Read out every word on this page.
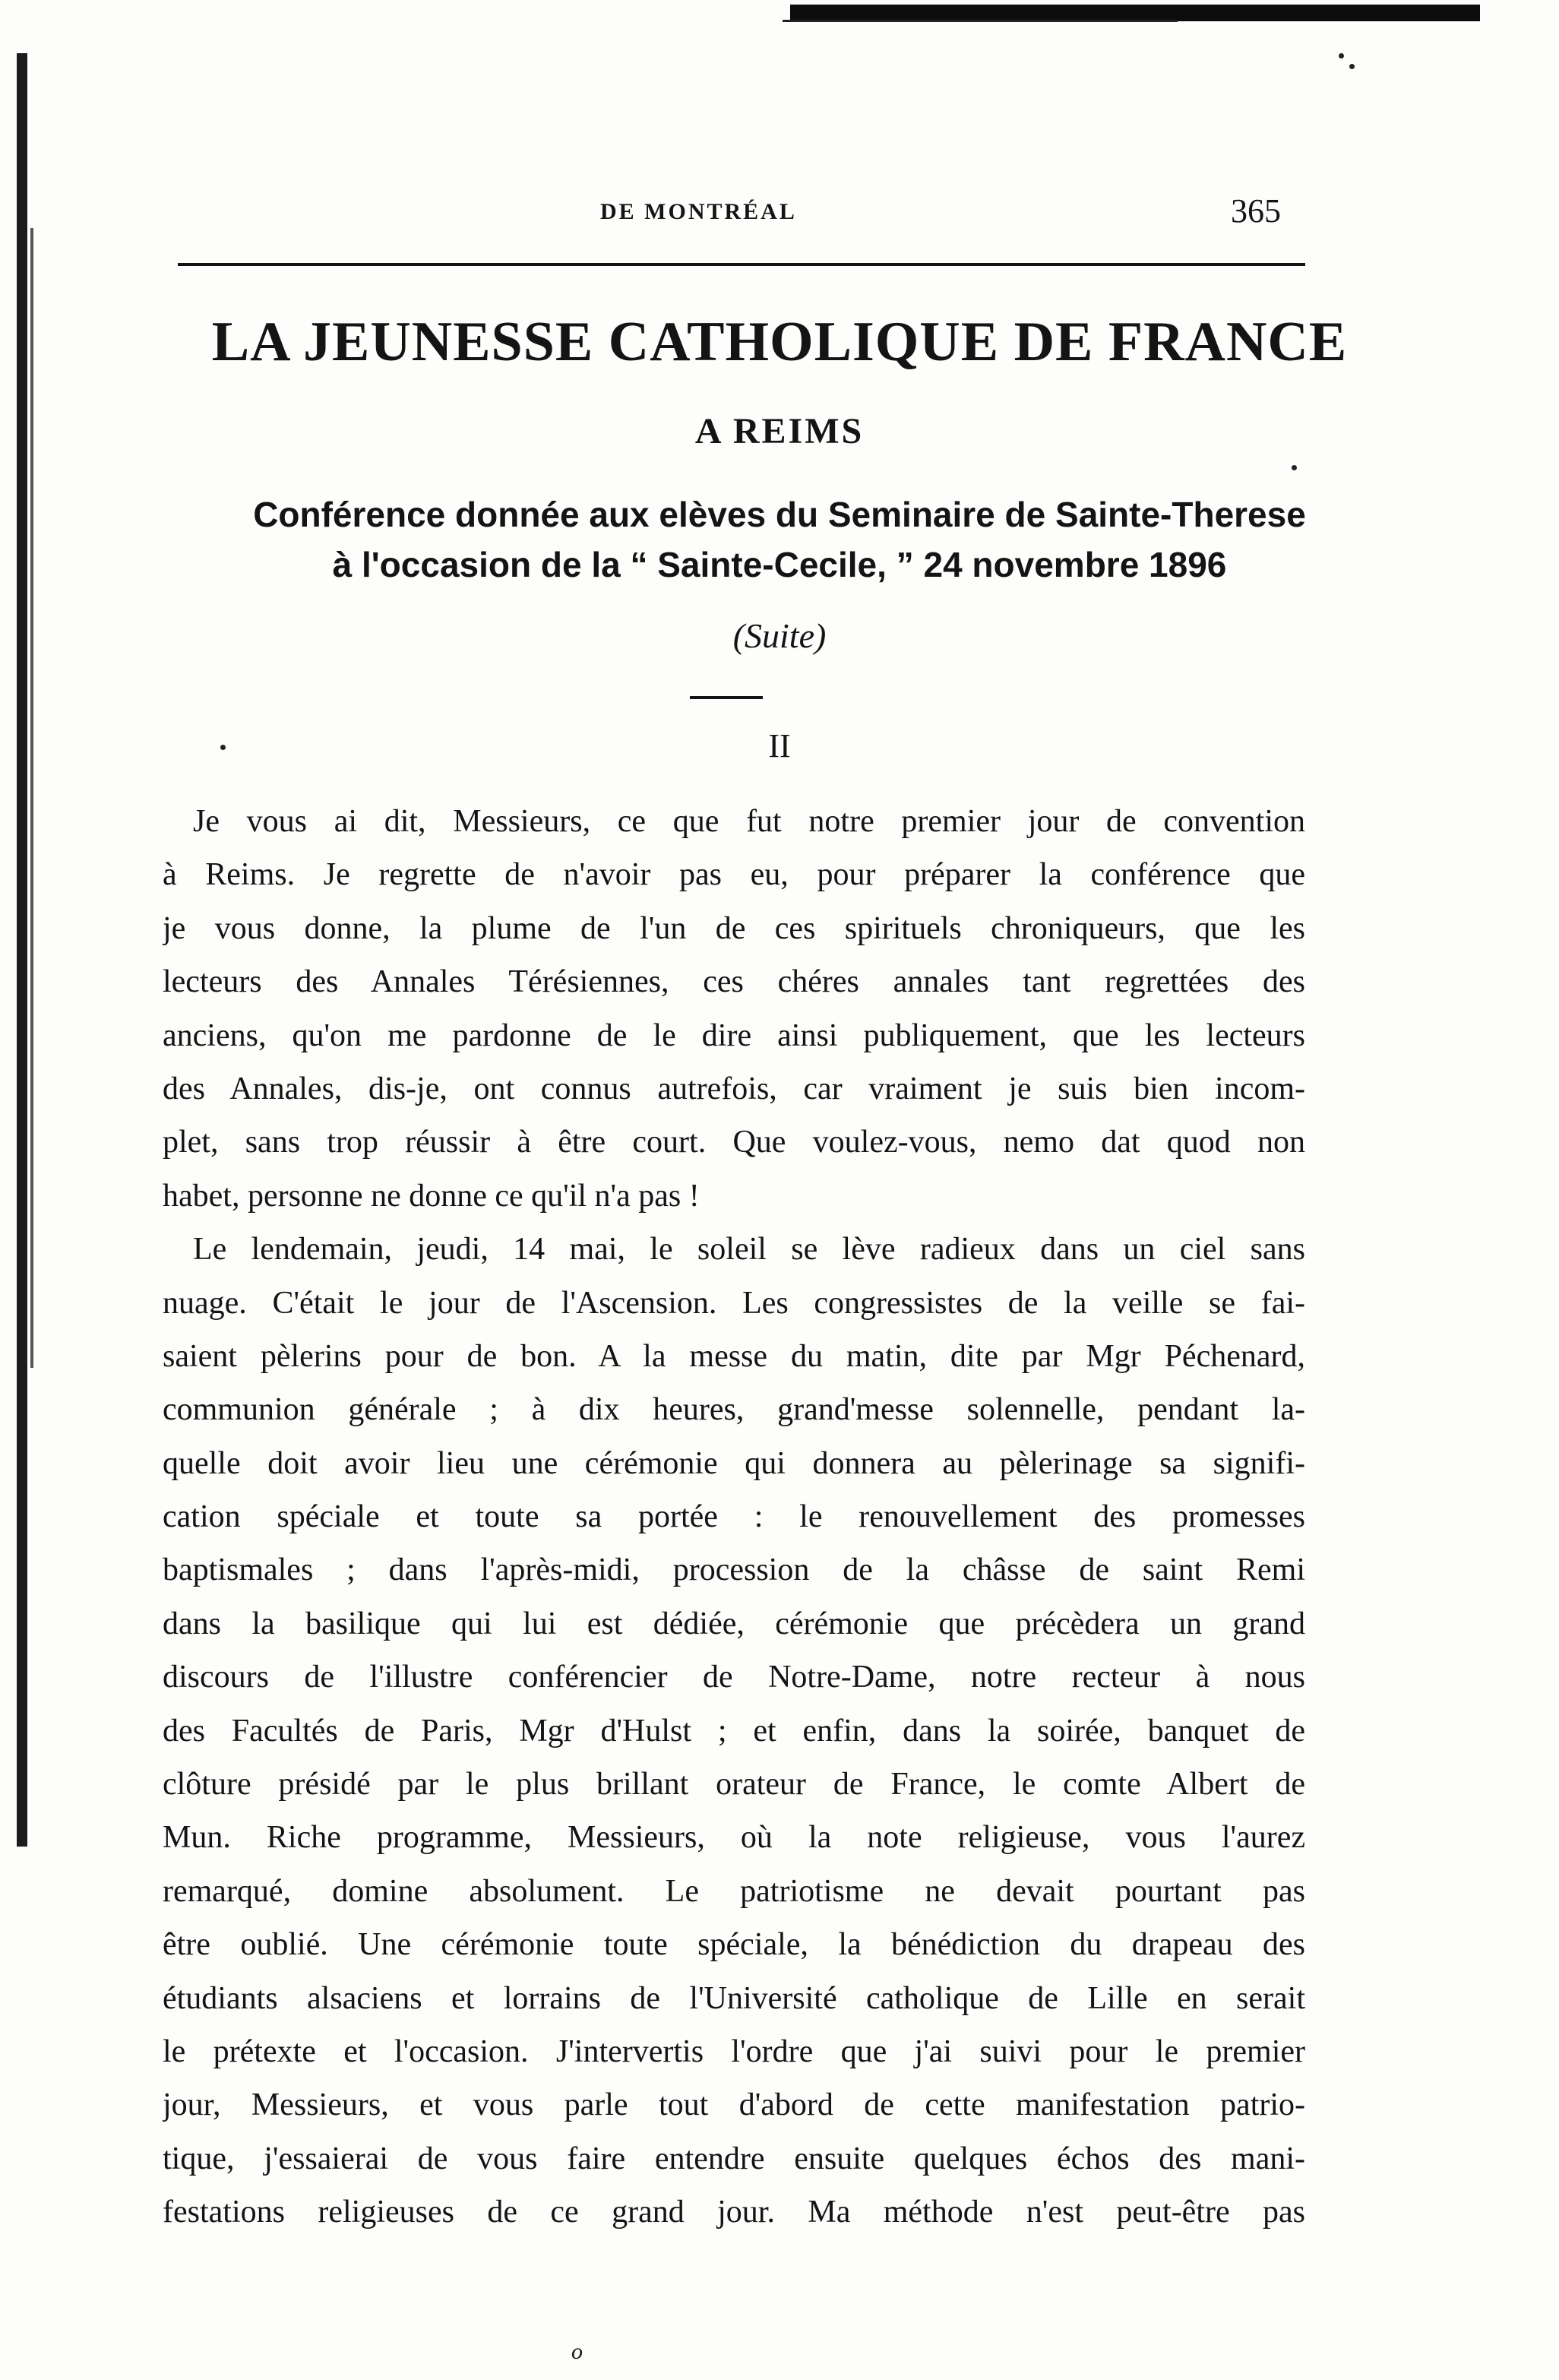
DE MONTRÉAL	365
LA JEUNESSE CATHOLIQUE DE FRANCE
A REIMS
Conférence donnée aux elèves du Seminaire de Sainte-Therese
à l'occasion de la “ Sainte-Cecile, ” 24 novembre 1896
(Suite)
II
Je vous ai dit, Messieurs, ce que fut notre premier jour de convention
à Reims. Je regrette de n'avoir pas eu, pour préparer la conférence que
je vous donne, la plume de l'un de ces spirituels chroniqueurs, que les
lecteurs des Annales Térésiennes, ces chéres annales tant regrettées des
anciens, qu'on me pardonne de le dire ainsi publiquement, que les lecteurs
des Annales, dis-je, ont connus autrefois, car vraiment je suis bien incom-
plet, sans trop réussir à être court. Que voulez-vous, nemo dat quod non
habet, personne ne donne ce qu'il n'a pas !
Le lendemain, jeudi, 14 mai, le soleil se lève radieux dans un ciel sans
nuage. C'était le jour de l'Ascension. Les congressistes de la veille se fai-
saient pèlerins pour de bon. A la messe du matin, dite par Mgr Péchenard,
communion générale ; à dix heures, grand'messe solennelle, pendant la-
quelle doit avoir lieu une cérémonie qui donnera au pèlerinage sa signifi-
cation spéciale et toute sa portée : le renouvellement des promesses
baptismales ; dans l'après-midi, procession de la châsse de saint Remi
dans la basilique qui lui est dédiée, cérémonie que précèdera un grand
discours de l'illustre conférencier de Notre-Dame, notre recteur à nous
des Facultés de Paris, Mgr d'Hulst ; et enfin, dans la soirée, banquet de
clôture présidé par le plus brillant orateur de France, le comte Albert de
Mun. Riche programme, Messieurs, où la note religieuse, vous l'aurez
remarqué, domine absolument. Le patriotisme ne devait pourtant pas
être oublié. Une cérémonie toute spéciale, la bénédiction du drapeau des
étudiants alsaciens et lorrains de l'Université catholique de Lille en serait
le prétexte et l'occasion. J'intervertis l'ordre que j'ai suivi pour le premier
jour, Messieurs, et vous parle tout d'abord de cette manifestation patrio-
tique, j'essaierai de vous faire entendre ensuite quelques échos des mani-
festations religieuses de ce grand jour. Ma méthode n'est peut-être pas
o
